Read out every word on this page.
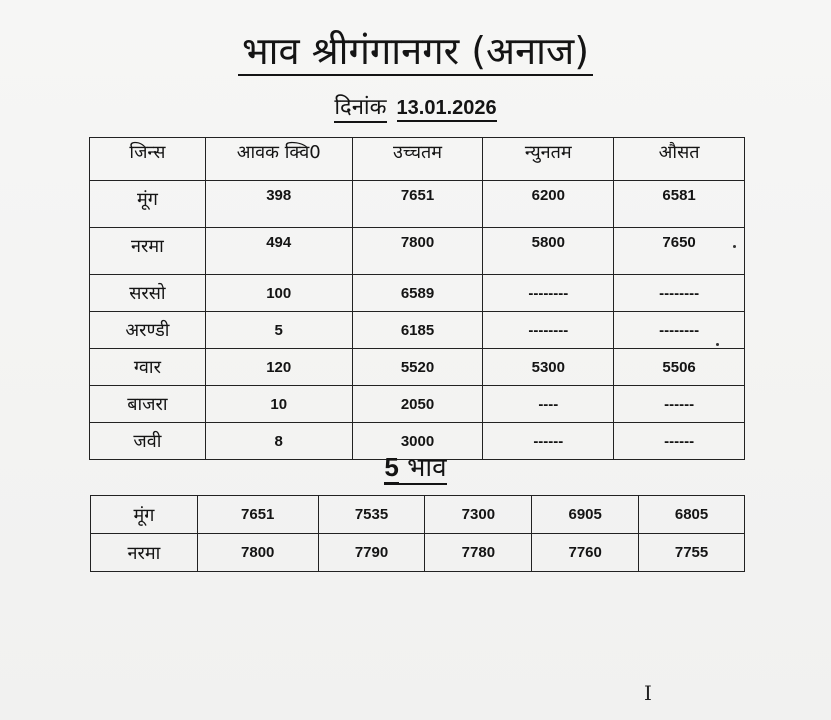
भाव श्रीगंगानगर (अनाज)
दिनांक 13.01.2026
जिन्स	आवक क्वि0	उच्चतम	न्युनतम	औसत
मूंग	398	7651	6200	6581
नरमा	494	7800	5800	7650
सरसो	100	6589	--------	--------
अरण्डी	5	6185	--------	--------
ग्वार	120	5520	5300	5506
बाजरा	10	2050	----	------
जवी	8	3000	------	------
5 भाव
मूंग	7651	7535	7300	6905	6805
नरमा	7800	7790	7780	7760	7755
I
